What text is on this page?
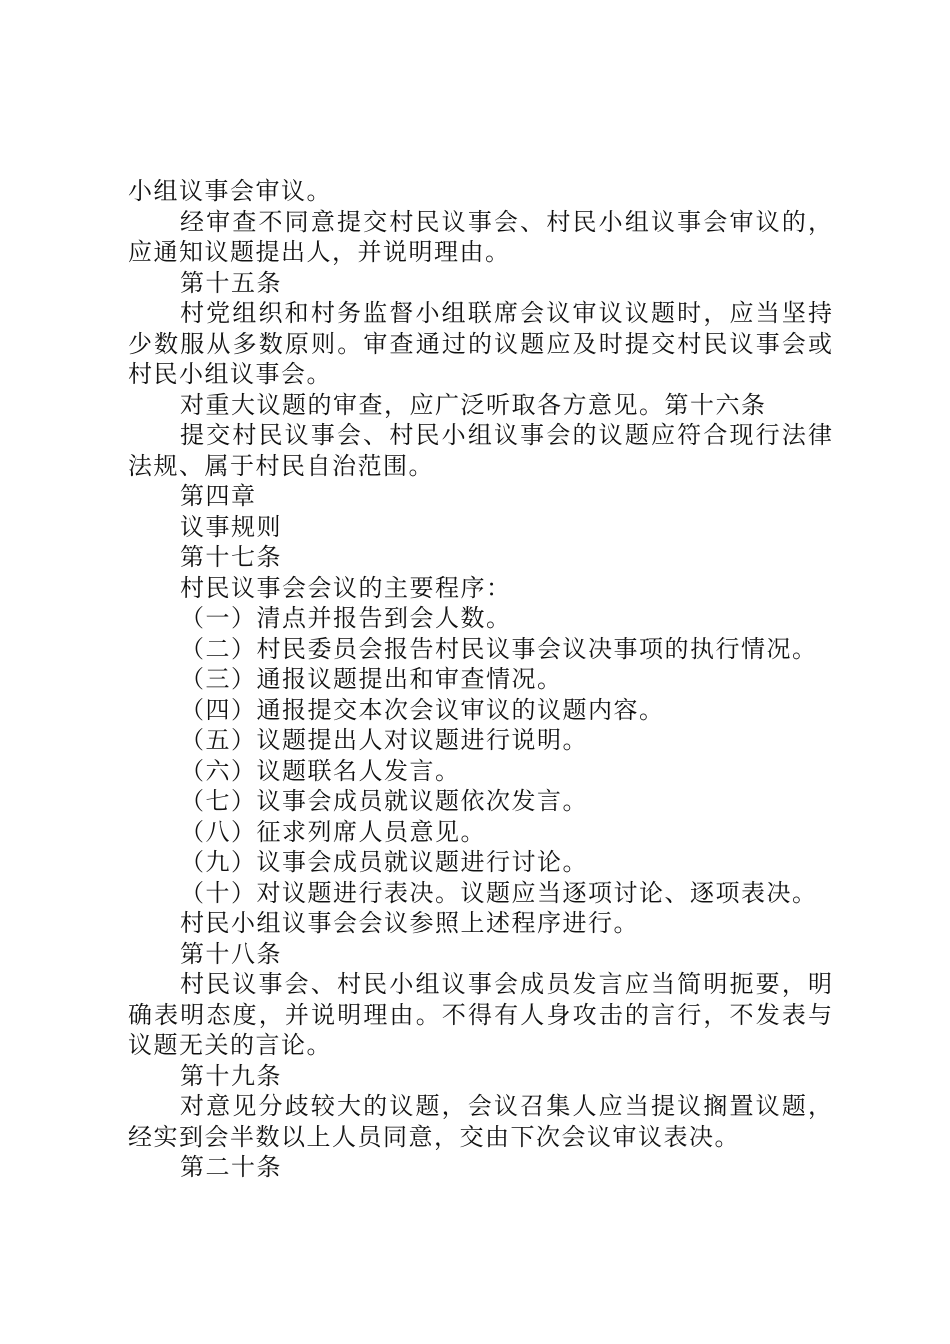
小组议事会审议。
经审查不同意提交村民议事会、村民小组议事会审议的，
应通知议题提出人，并说明理由。
第十五条
村党组织和村务监督小组联席会议审议议题时，应当坚持
少数服从多数原则。审查通过的议题应及时提交村民议事会或
村民小组议事会。
对重大议题的审查，应广泛听取各方意见。第十六条
提交村民议事会、村民小组议事会的议题应符合现行法律
法规、属于村民自治范围。
第四章
议事规则
第十七条
村民议事会会议的主要程序：
（一）清点并报告到会人数。
（二）村民委员会报告村民议事会议决事项的执行情况。
（三）通报议题提出和审查情况。
（四）通报提交本次会议审议的议题内容。
（五）议题提出人对议题进行说明。
（六）议题联名人发言。
（七）议事会成员就议题依次发言。
（八）征求列席人员意见。
（九）议事会成员就议题进行讨论。
（十）对议题进行表决。议题应当逐项讨论、逐项表决。
村民小组议事会会议参照上述程序进行。
第十八条
村民议事会、村民小组议事会成员发言应当简明扼要，明
确表明态度，并说明理由。不得有人身攻击的言行，不发表与
议题无关的言论。
第十九条
对意见分歧较大的议题，会议召集人应当提议搁置议题，
经实到会半数以上人员同意，交由下次会议审议表决。
第二十条
